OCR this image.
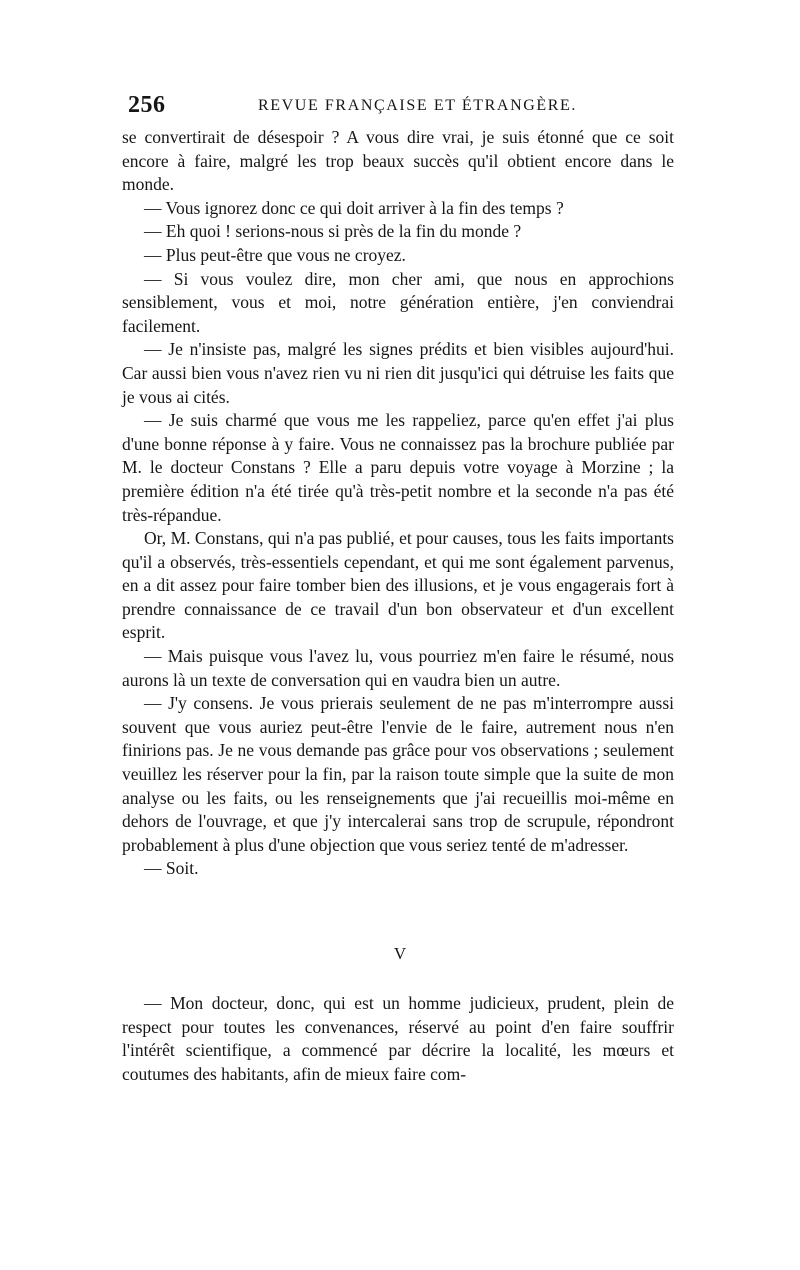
256	REVUE FRANÇAISE ET ÉTRANGÈRE.

se convertirait de désespoir ? A vous dire vrai, je suis étonné que ce soit encore à faire, malgré les trop beaux succès qu'il obtient encore dans le monde.

— Vous ignorez donc ce qui doit arriver à la fin des temps ?

— Eh quoi ! serions-nous si près de la fin du monde ?

— Plus peut-être que vous ne croyez.

— Si vous voulez dire, mon cher ami, que nous en approchions sensiblement, vous et moi, notre génération entière, j'en conviendrai facilement.

— Je n'insiste pas, malgré les signes prédits et bien visibles aujourd'hui. Car aussi bien vous n'avez rien vu ni rien dit jusqu'ici qui détruise les faits que je vous ai cités.

— Je suis charmé que vous me les rappeliez, parce qu'en effet j'ai plus d'une bonne réponse à y faire. Vous ne connaissez pas la brochure publiée par M. le docteur Constans ? Elle a paru depuis votre voyage à Morzine ; la première édition n'a été tirée qu'à très-petit nombre et la seconde n'a pas été très-répandue.

Or, M. Constans, qui n'a pas publié, et pour causes, tous les faits importants qu'il a observés, très-essentiels cependant, et qui me sont également parvenus, en a dit assez pour faire tomber bien des illusions, et je vous engagerais fort à prendre connaissance de ce travail d'un bon observateur et d'un excellent esprit.

— Mais puisque vous l'avez lu, vous pourriez m'en faire le résumé, nous aurons là un texte de conversation qui en vaudra bien un autre.

— J'y consens. Je vous prierais seulement de ne pas m'interrompre aussi souvent que vous auriez peut-être l'envie de le faire, autrement nous n'en finirions pas. Je ne vous demande pas grâce pour vos observations ; seulement veuillez les réserver pour la fin, par la raison toute simple que la suite de mon analyse ou les faits, ou les renseignements que j'ai recueillis moi-même en dehors de l'ouvrage, et que j'y intercalerai sans trop de scrupule, répondront probablement à plus d'une objection que vous seriez tenté de m'adresser.

— Soit.

V

— Mon docteur, donc, qui est un homme judicieux, prudent, plein de respect pour toutes les convenances, réservé au point d'en faire souffrir l'intérêt scientifique, a commencé par décrire la localité, les mœurs et coutumes des habitants, afin de mieux faire com-
